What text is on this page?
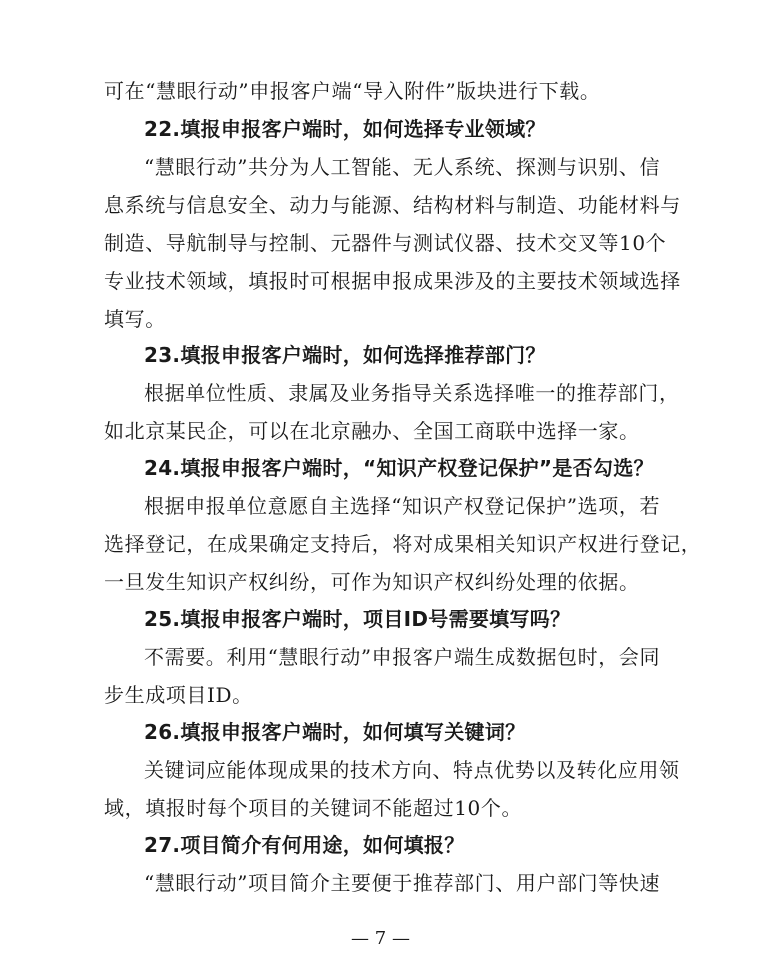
可在“慧眼行动”申报客户端“导入附件”版块进行下载。
22.填报申报客户端时，如何选择专业领域？
“慧眼行动”共分为人工智能、无人系统、探测与识别、信
息系统与信息安全、动力与能源、结构材料与制造、功能材料与
制造、导航制导与控制、元器件与测试仪器、技术交叉等10个
专业技术领域，填报时可根据申报成果涉及的主要技术领域选择
填写。
23.填报申报客户端时，如何选择推荐部门？
根据单位性质、隶属及业务指导关系选择唯一的推荐部门，
如北京某民企，可以在北京融办、全国工商联中选择一家。
24.填报申报客户端时，“知识产权登记保护”是否勾选？
根据申报单位意愿自主选择“知识产权登记保护”选项，若
选择登记，在成果确定支持后，将对成果相关知识产权进行登记，
一旦发生知识产权纠纷，可作为知识产权纠纷处理的依据。
25.填报申报客户端时，项目ID号需要填写吗？
不需要。利用“慧眼行动”申报客户端生成数据包时，会同
步生成项目ID。
26.填报申报客户端时，如何填写关键词？
关键词应能体现成果的技术方向、特点优势以及转化应用领
域，填报时每个项目的关键词不能超过10个。
27.项目简介有何用途，如何填报？
“慧眼行动”项目简介主要便于推荐部门、用户部门等快速
— 7 —
